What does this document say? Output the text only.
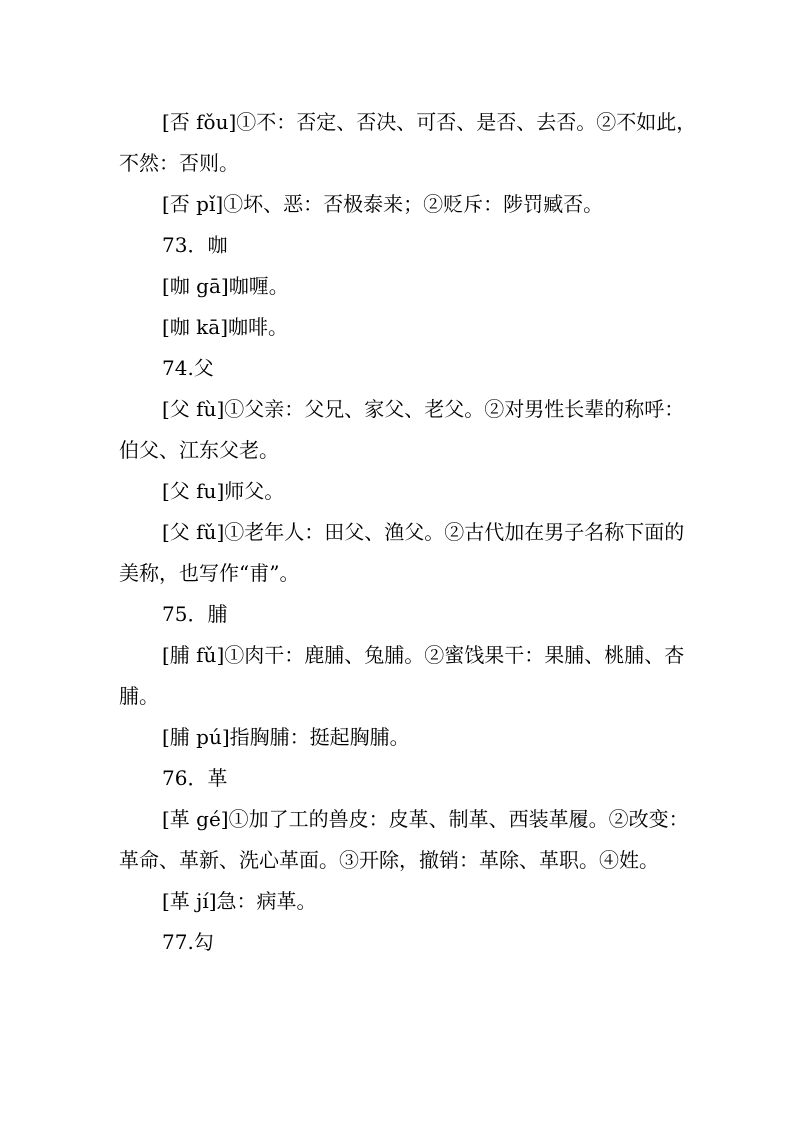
[否 fǒu]①不：否定、否决、可否、是否、去否。②不如此，不然：否则。

[否 pǐ]①坏、恶：否极泰来；②贬斥：陟罚臧否。

73．咖

[咖 gā]咖喱。

[咖 kā]咖啡。

74.父

[父 fù]①父亲：父兄、家父、老父。②对男性长辈的称呼：伯父、江东父老。

[父 fu]师父。

[父 fǔ]①老年人：田父、渔父。②古代加在男子名称下面的美称，也写作“甫”。

75．脯

[脯 fǔ]①肉干：鹿脯、兔脯。②蜜饯果干：果脯、桃脯、杏脯。

[脯 pú]指胸脯：挺起胸脯。

76．革

[革 gé]①加了工的兽皮：皮革、制革、西装革履。②改变：革命、革新、洗心革面。③开除，撤销：革除、革职。④姓。

[革 jí]急：病革。

77.勾
